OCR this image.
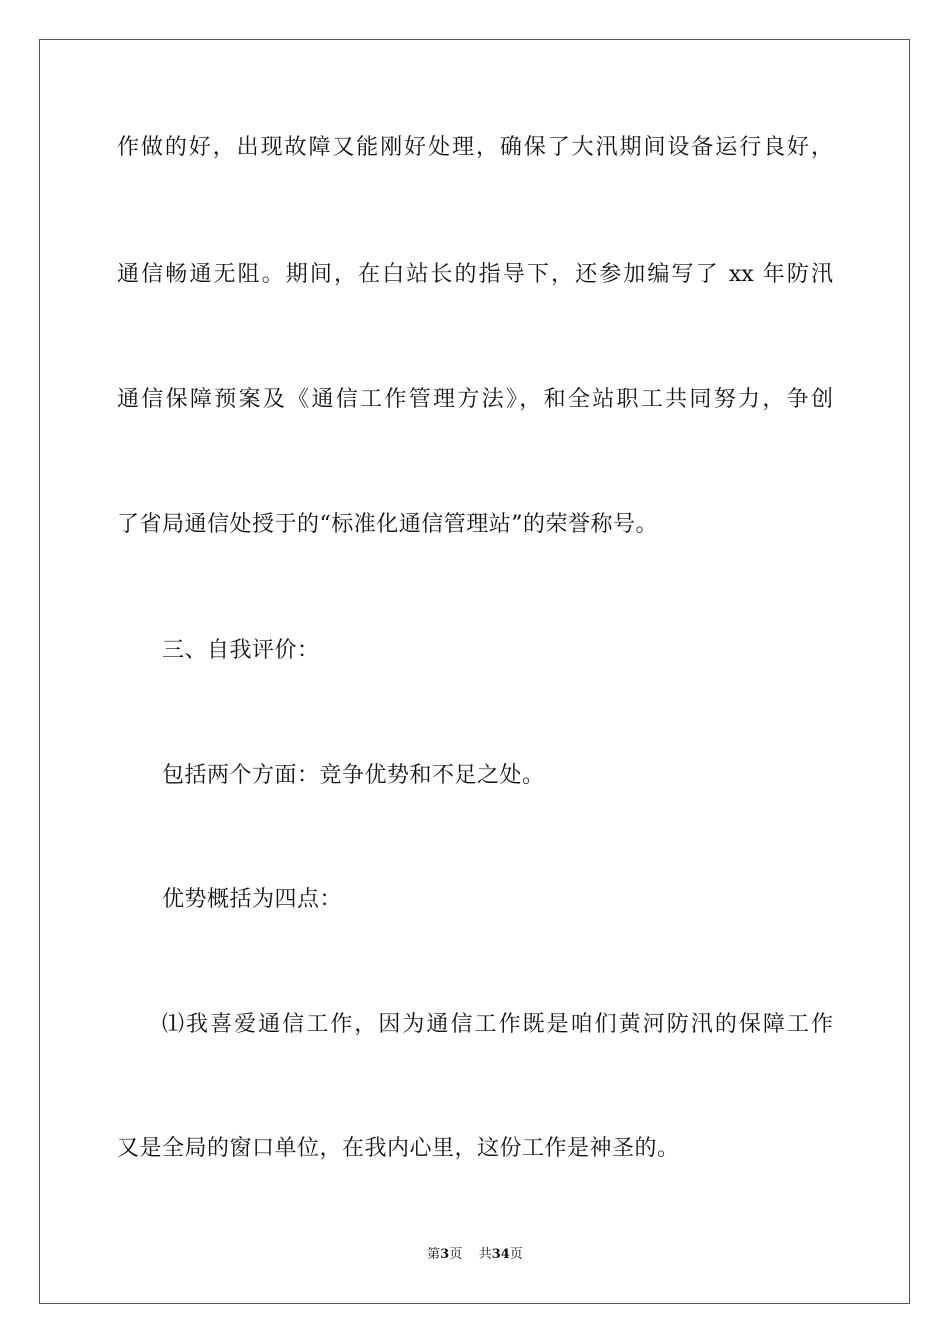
作做的好，出现故障又能刚好处理，确保了大汛期间设备运行良好，
通信畅通无阻。期间，在白站长的指导下，还参加编写了 xx 年防汛
通信保障预案及《通信工作管理方法》，和全站职工共同努力，争创
了省局通信处授于的“标准化通信管理站”的荣誉称号。
三、自我评价：
包括两个方面：竞争优势和不足之处。
优势概括为四点：
⑴我喜爱通信工作，因为通信工作既是咱们黄河防汛的保障工作
又是全局的窗口单位，在我内心里，这份工作是神圣的。
第3页 共34页
